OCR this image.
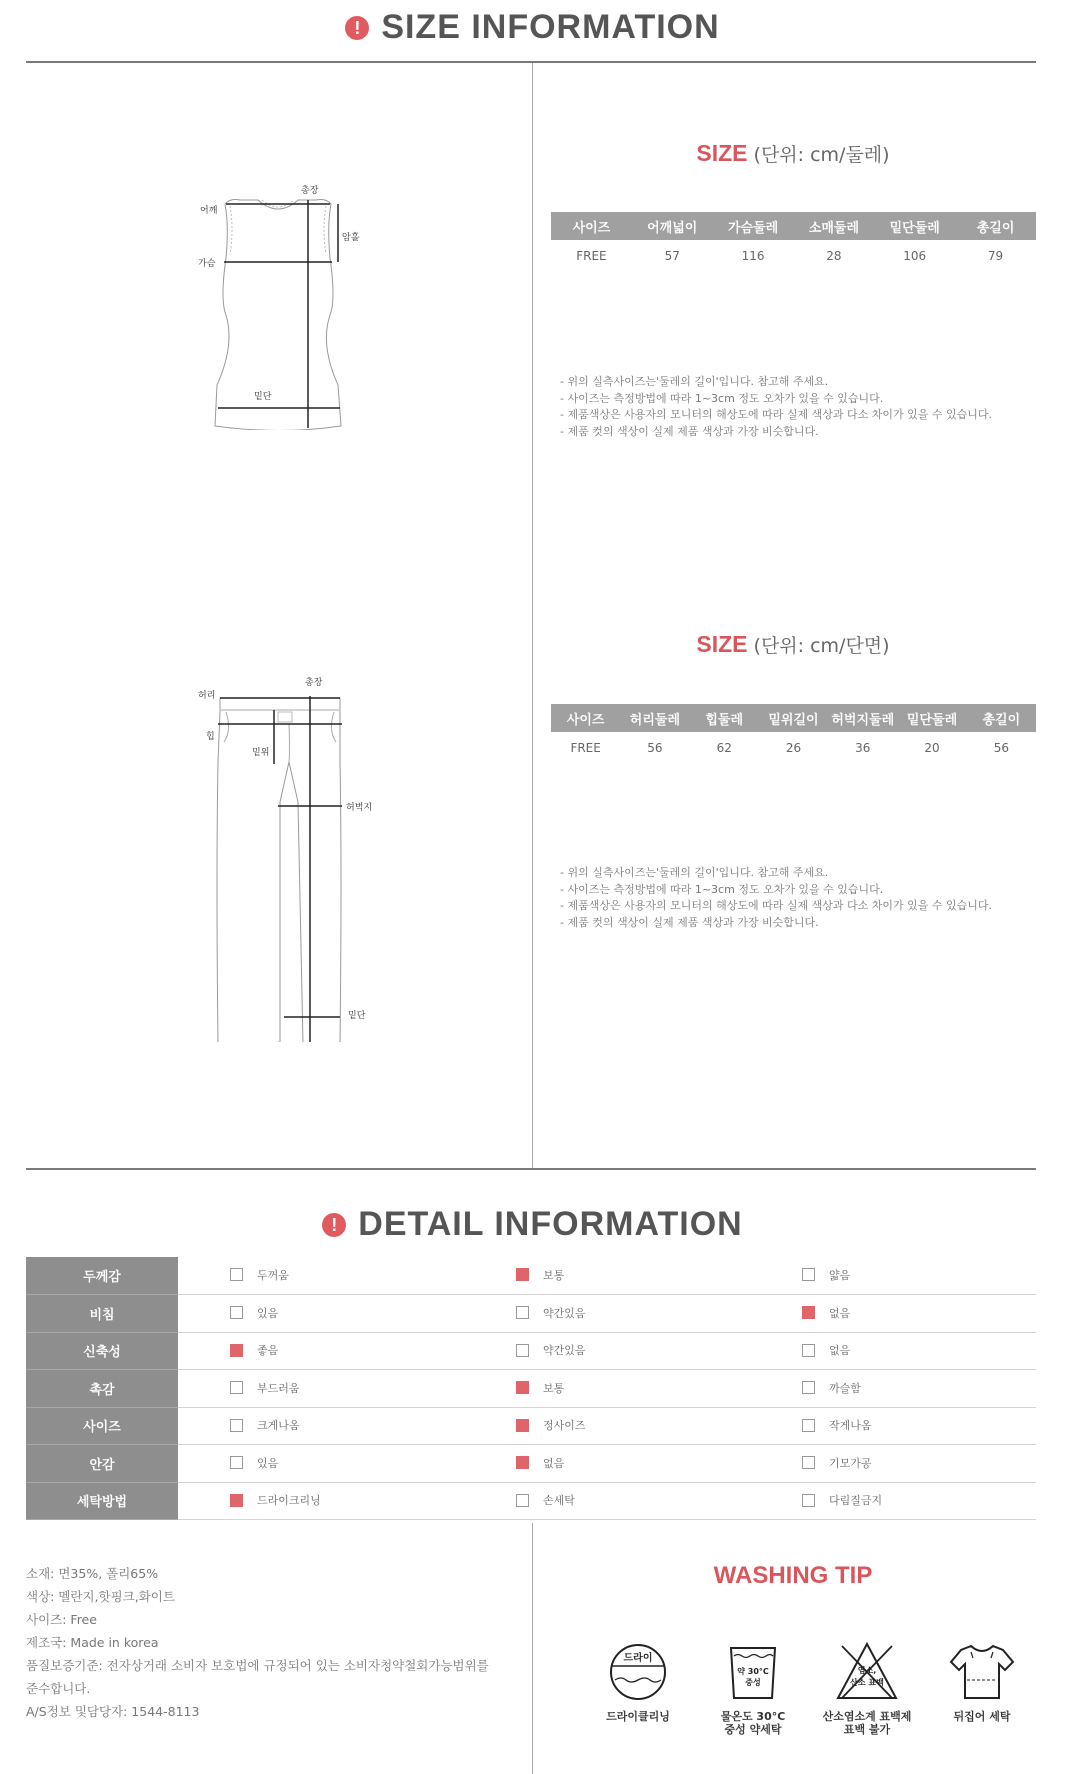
! SIZE INFORMATION
어깨
총장
암홀
가슴
밑단
SIZE (단위: cm/둘레)
사이즈	어깨넓이	가슴둘레	소매둘레	밑단둘레	총길이
FREE	57	116	28	106	79
- 위의 실측사이즈는'둘레의 길이'입니다. 참고해 주세요.
- 사이즈는 측정방법에 따라 1~3cm 정도 오차가 있을 수 있습니다.
- 제품색상은 사용자의 모니터의 해상도에 따라 실제 색상과 다소 차이가 있을 수 있습니다.
- 제품 컷의 색상이 실제 제품 색상과 가장 비슷합니다.
허리
총장
힙
밑위
허벅지
밑단
SIZE (단위: cm/단면)
사이즈	허리둘레	힙둘레	밑위길이	허벅지둘레	밑단둘레	총길이
FREE	56	62	26	36	20	56
- 위의 실측사이즈는'둘레의 길이'입니다. 참고해 주세요.
- 사이즈는 측정방법에 따라 1~3cm 정도 오차가 있을 수 있습니다.
- 제품색상은 사용자의 모니터의 해상도에 따라 실제 색상과 다소 차이가 있을 수 있습니다.
- 제품 컷의 색상이 실제 제품 색상과 가장 비슷합니다.
! DETAIL INFORMATION
두께감	두꺼움	보통	얇음

비침	있음	약간있음	없음

신축성	좋음	약간있음	없음

촉감	부드러움	보통	까슬함

사이즈	크게나옴	정사이즈	작게나옴

안감	있음	없음	기모가공

세탁방법	드라이크리닝	손세탁	다림질금지
소재: 면35%, 폴리65%
색상: 멜란지,핫핑크,화이트
사이즈: Free
제조국: Made in korea
품질보증기준: 전자상거래 소비자 보호법에 규정되어 있는 소비자청약철회가능범위를
준수합니다.
A/S정보 및담당자: 1544-8113
WASHING TIP
드라이
드라이클리닝
약 30°C
중성
물온도 30°C
중성 약세탁
염소,
산소 표백
산소염소계 표백제
표백 불가
뒤집어 세탁
